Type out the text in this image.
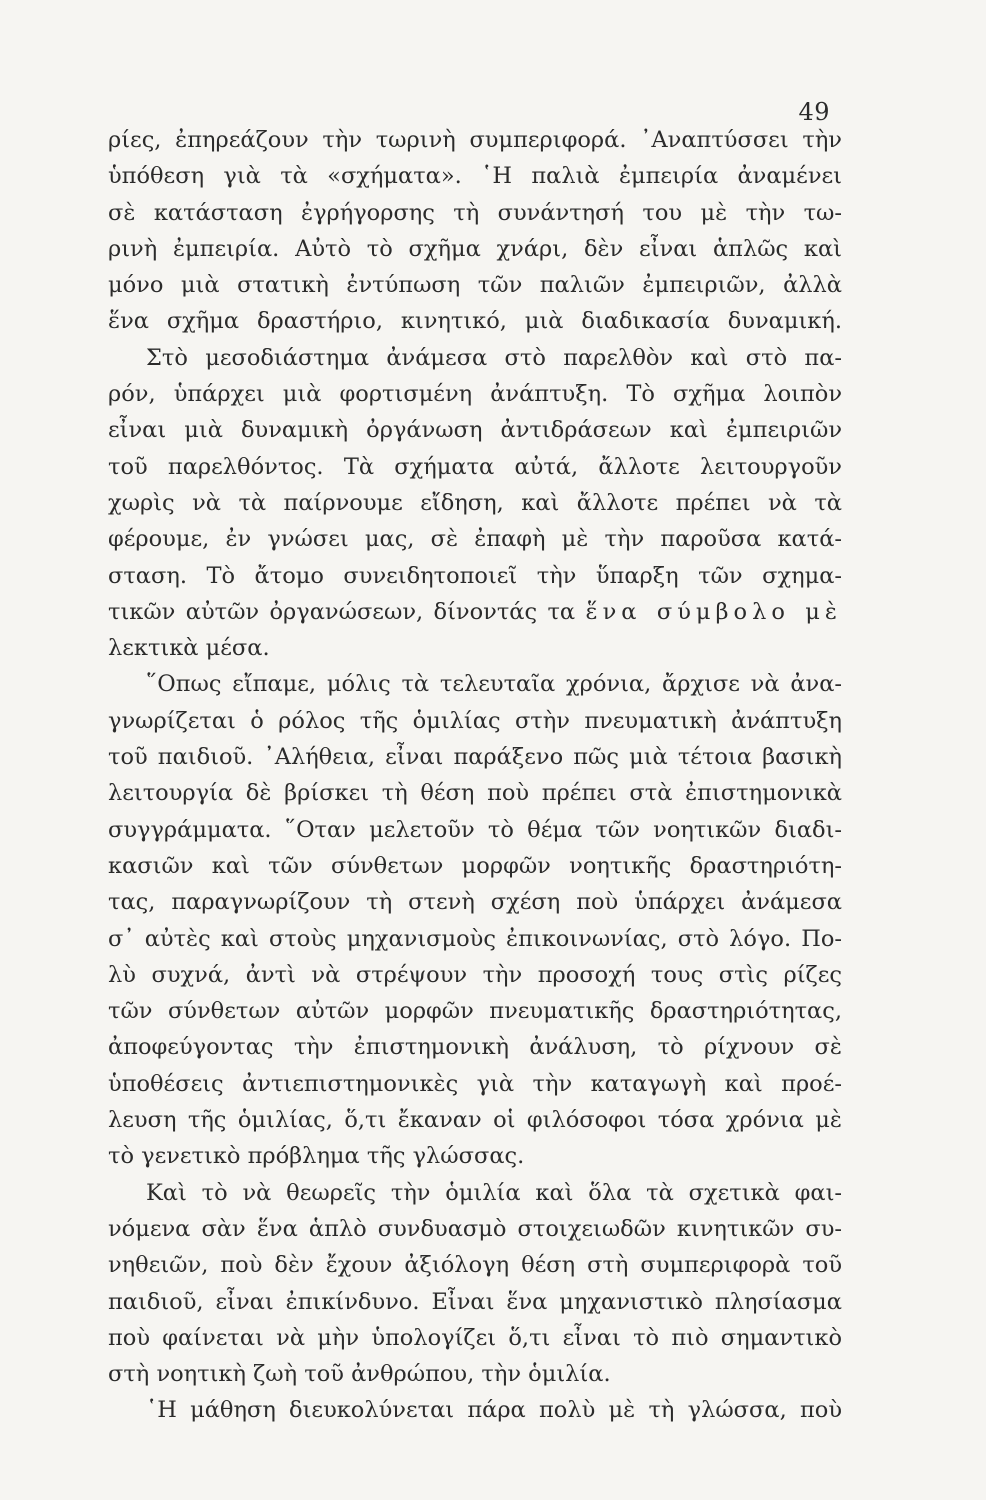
49
ρίες, ἐπηρεάζουν τὴν τωρινὴ συμπεριφορά. ᾿Αναπτύσσει τὴν
ὑπόθεση γιὰ τὰ «σχήματα». ῾Η παλιὰ ἐμπειρία ἀναμένει
σὲ κατάσταση ἐγρήγορσης τὴ συνάντησή του μὲ τὴν τω-
ρινὴ ἐμπειρία. Αὐτὸ τὸ σχῆμα χνάρι, δὲν εἶναι ἁπλῶς καὶ
μόνο μιὰ στατικὴ ἐντύπωση τῶν παλιῶν ἐμπειριῶν, ἀλλὰ
ἕνα σχῆμα δραστήριο, κινητικό, μιὰ διαδικασία δυναμική.
Στὸ μεσοδιάστημα ἀνάμεσα στὸ παρελθὸν καὶ στὸ πα-
ρόν, ὑπάρχει μιὰ φορτισμένη ἀνάπτυξη. Τὸ σχῆμα λοιπὸν
εἶναι μιὰ δυναμικὴ ὀργάνωση ἀντιδράσεων καὶ ἐμπειριῶν
τοῦ παρελθόντος. Τὰ σχήματα αὐτά, ἄλλοτε λειτουργοῦν
χωρὶς νὰ τὰ παίρνουμε εἴδηση, καὶ ἄλλοτε πρέπει νὰ τὰ
φέρουμε, ἐν γνώσει μας, σὲ ἐπαφὴ μὲ τὴν παροῦσα κατά-
σταση. Τὸ ἄτομο συνειδητοποιεῖ τὴν ὕπαρξη τῶν σχημα-
τικῶν αὐτῶν ὀργανώσεων, δίνοντάς τα ἕνα σύμβολο μὲ
λεκτικὰ μέσα.
῞Οπως εἴπαμε, μόλις τὰ τελευταῖα χρόνια, ἄρχισε νὰ ἀνα-
γνωρίζεται ὁ ρόλος τῆς ὁμιλίας στὴν πνευματικὴ ἀνάπτυξη
τοῦ παιδιοῦ. ᾿Αλήθεια, εἶναι παράξενο πῶς μιὰ τέτοια βασικὴ
λειτουργία δὲ βρίσκει τὴ θέση ποὺ πρέπει στὰ ἐπιστημονικὰ
συγγράμματα. ῞Οταν μελετοῦν τὸ θέμα τῶν νοητικῶν διαδι-
κασιῶν καὶ τῶν σύνθετων μορφῶν νοητικῆς δραστηριότη-
τας, παραγνωρίζουν τὴ στενὴ σχέση ποὺ ὑπάρχει ἀνάμεσα
σ᾿ αὐτὲς καὶ στοὺς μηχανισμοὺς ἐπικοινωνίας, στὸ λόγο. Πο-
λὺ συχνά, ἀντὶ νὰ στρέψουν τὴν προσοχή τους στὶς ρίζες
τῶν σύνθετων αὐτῶν μορφῶν πνευματικῆς δραστηριότητας,
ἀποφεύγοντας τὴν ἐπιστημονικὴ ἀνάλυση, τὸ ρίχνουν σὲ
ὑποθέσεις ἀντιεπιστημονικὲς γιὰ τὴν καταγωγὴ καὶ προέ-
λευση τῆς ὁμιλίας, ὅ,τι ἔκαναν οἱ φιλόσοφοι τόσα χρόνια μὲ
τὸ γενετικὸ πρόβλημα τῆς γλώσσας.
Καὶ τὸ νὰ θεωρεῖς τὴν ὁμιλία καὶ ὅλα τὰ σχετικὰ φαι-
νόμενα σὰν ἕνα ἁπλὸ συνδυασμὸ στοιχειωδῶν κινητικῶν συ-
νηθειῶν, ποὺ δὲν ἔχουν ἀξιόλογη θέση στὴ συμπεριφορὰ τοῦ
παιδιοῦ, εἶναι ἐπικίνδυνο. Εἶναι ἕνα μηχανιστικὸ πλησίασμα
ποὺ φαίνεται νὰ μὴν ὑπολογίζει ὅ,τι εἶναι τὸ πιὸ σημαντικὸ
στὴ νοητικὴ ζωὴ τοῦ ἀνθρώπου, τὴν ὁμιλία.
῾Η μάθηση διευκολύνεται πάρα πολὺ μὲ τὴ γλώσσα, ποὺ
